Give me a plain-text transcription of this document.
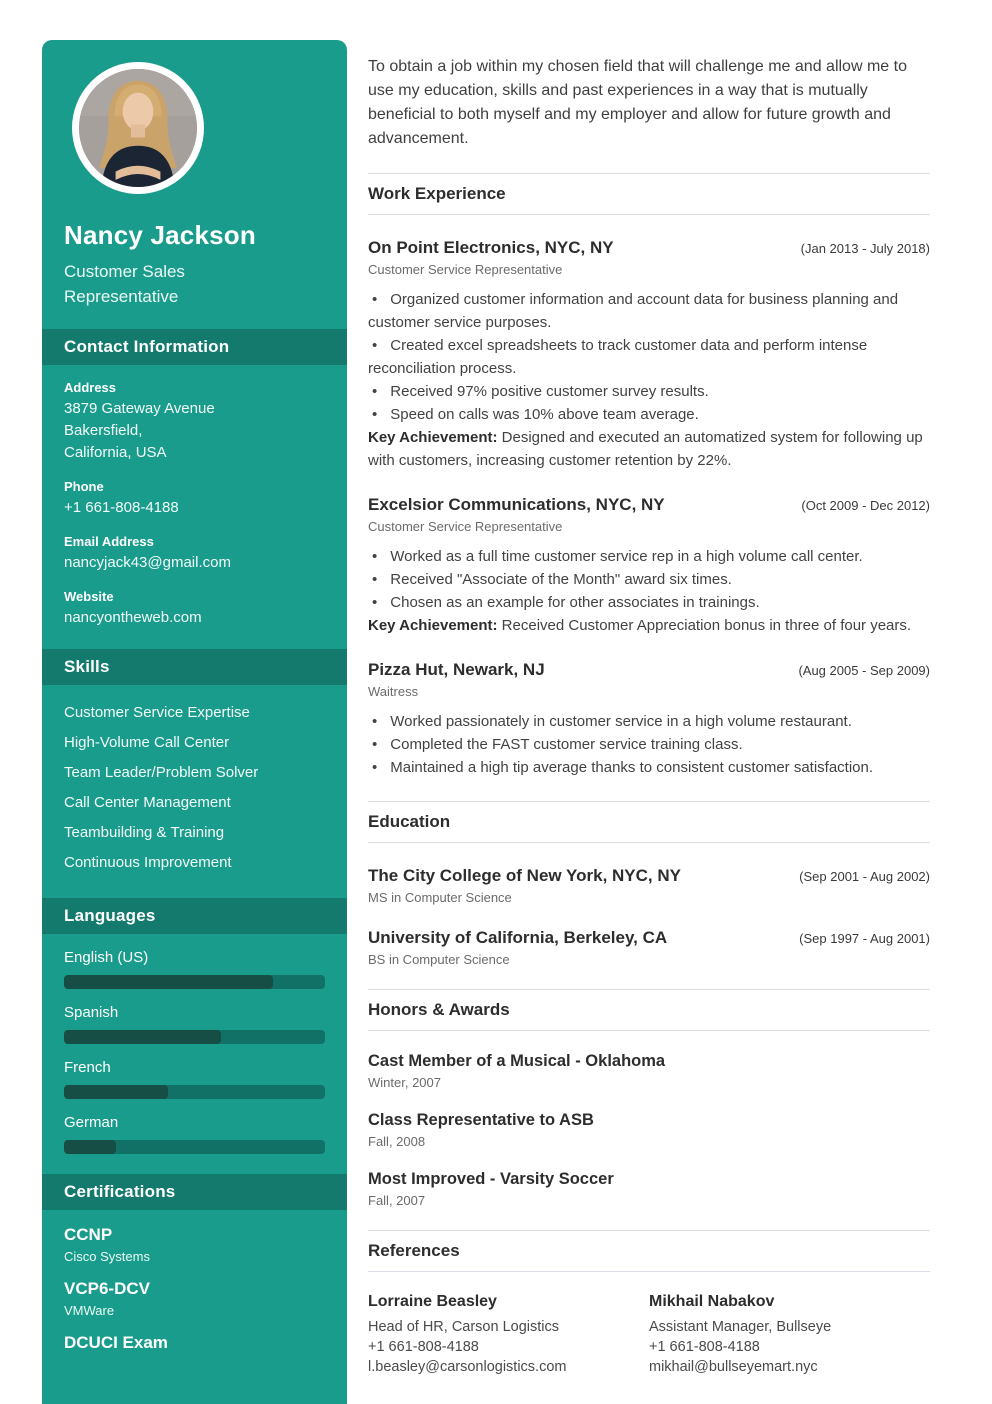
Nancy Jackson
Customer Sales Representative
Contact Information
Address
3879 Gateway Avenue
Bakersfield,
California, USA
Phone
+1 661-808-4188
Email Address
nancyjack43@gmail.com
Website
nancyontheweb.com
Skills
Customer Service Expertise
High-Volume Call Center
Team Leader/Problem Solver
Call Center Management
Teambuilding & Training
Continuous Improvement
Languages
English (US)
Spanish
French
German
Certifications
CCNP
Cisco Systems
VCP6-DCV
VMWare
DCUCI Exam

To obtain a job within my chosen field that will challenge me and allow me to use my education, skills and past experiences in a way that is mutually beneficial to both myself and my employer and allow for future growth and advancement.

Work Experience
On Point Electronics, NYC, NY	(Jan 2013 - July 2018)
Customer Service Representative

• Organized customer information and account data for business planning and customer service purposes.

• Created excel spreadsheets to track customer data and perform intense reconciliation process.

• Received 97% positive customer survey results.

• Speed on calls was 10% above team average.

Key Achievement: Designed and executed an automatized system for following up with customers, increasing customer retention by 22%.

Excelsior Communications, NYC, NY	(Oct 2009 - Dec 2012)
Customer Service Representative

• Worked as a full time customer service rep in a high volume call center.

• Received "Associate of the Month" award six times.

• Chosen as an example for other associates in trainings.

Key Achievement: Received Customer Appreciation bonus in three of four years.

Pizza Hut, Newark, NJ	(Aug 2005 - Sep 2009)
Waitress

• Worked passionately in customer service in a high volume restaurant.

• Completed the FAST customer service training class.

• Maintained a high tip average thanks to consistent customer satisfaction.

Education
The City College of New York, NYC, NY	(Sep 2001 - Aug 2002)
MS in Computer Science
University of California, Berkeley, CA	(Sep 1997 - Aug 2001)
BS in Computer Science
Honors & Awards
Cast Member of a Musical - Oklahoma
Winter, 2007
Class Representative to ASB
Fall, 2008
Most Improved - Varsity Soccer
Fall, 2007
References
Lorraine Beasley
Head of HR, Carson Logistics
+1 661-808-4188
l.beasley@carsonlogistics.com
Mikhail Nabakov
Assistant Manager, Bullseye
+1 661-808-4188
mikhail@bullseyemart.nyc
